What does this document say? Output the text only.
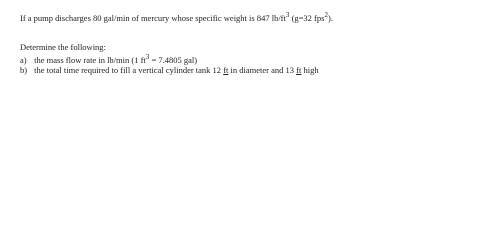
If a pump discharges 80 gal/min of mercury whose specific weight is 847 $lb/ft^3$ (g=32 fps$^2$).
Determine the following:
a) the mass flow rate in lb/min (1 $ft^3 = 7.4805$ gal)
b) the total time required to fill a vertical cylinder tank 12 ft in diameter and 13 ft high
